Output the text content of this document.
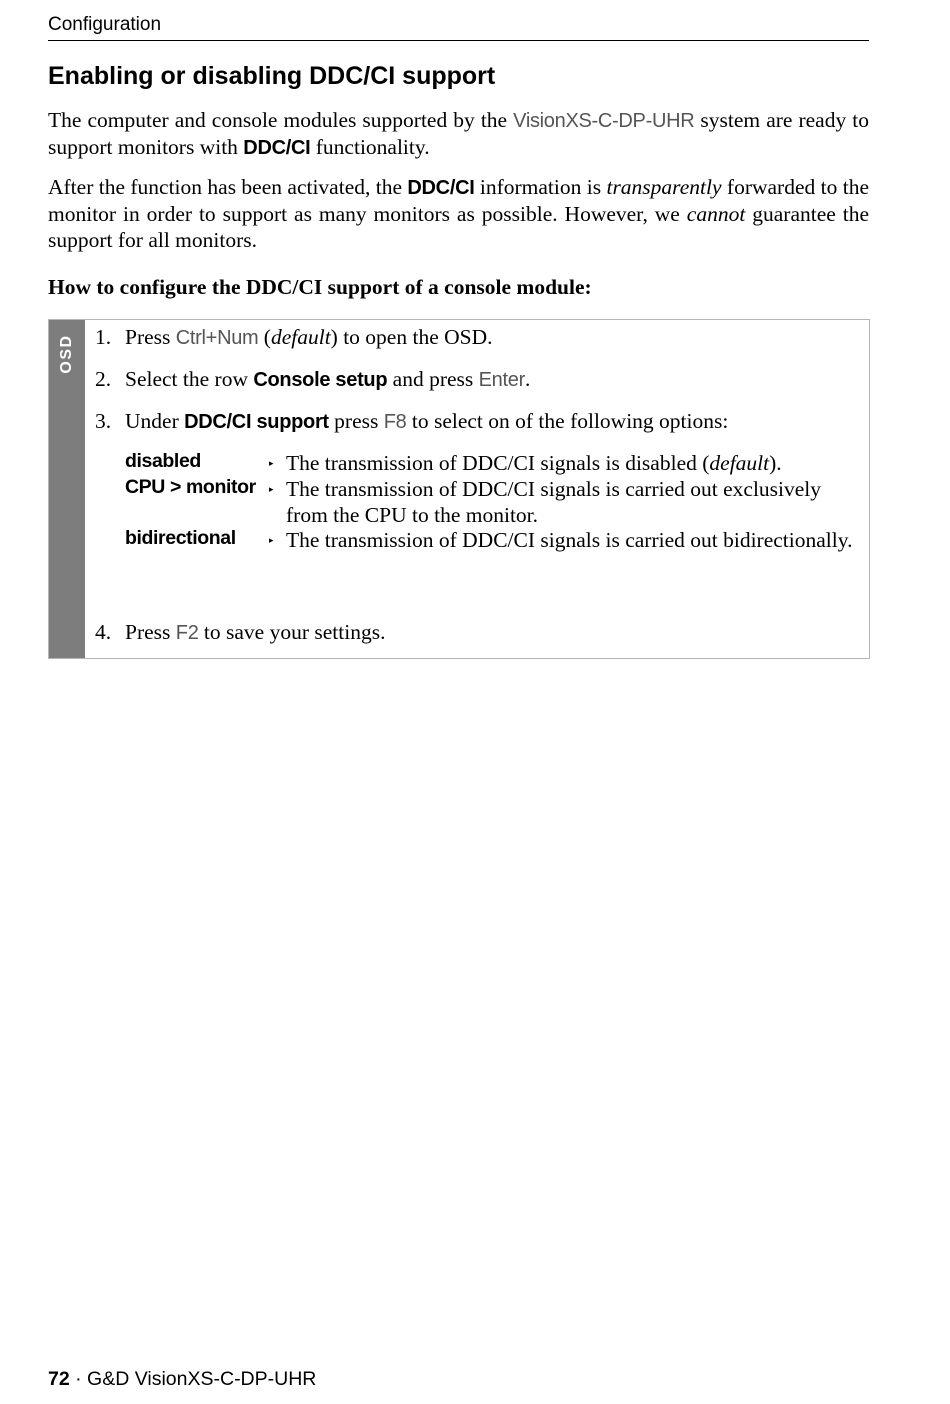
Configuration
Enabling or disabling DDC/CI support

The computer and console modules supported by the VisionXS-C-DP-UHR system are ready to support monitors with DDC/CI functionality.

After the function has been activated, the DDC/CI information is transparently forwarded to the monitor in order to support as many monitors as possible. However, we cannot guarantee the support for all monitors.

How to configure the DDC/CI support of a console module:
OSD 1. Press Ctrl+Num (default) to open the OSD.
2. Select the row Console setup and press Enter.
3. Under DDC/CI support press F8 to select on of the following options:
disabled	▸ The transmission of DDC/CI signals is disabled (default).
CPU > monitor ▸ The transmission of DDC/CI signals is carried out exclusively from the CPU to the monitor.
bidirectional	▸ The transmission of DDC/CI signals is carried out bidirectionally.
4. Press F2 to save your settings.
72 · G&D VisionXS-C-DP-UHR
